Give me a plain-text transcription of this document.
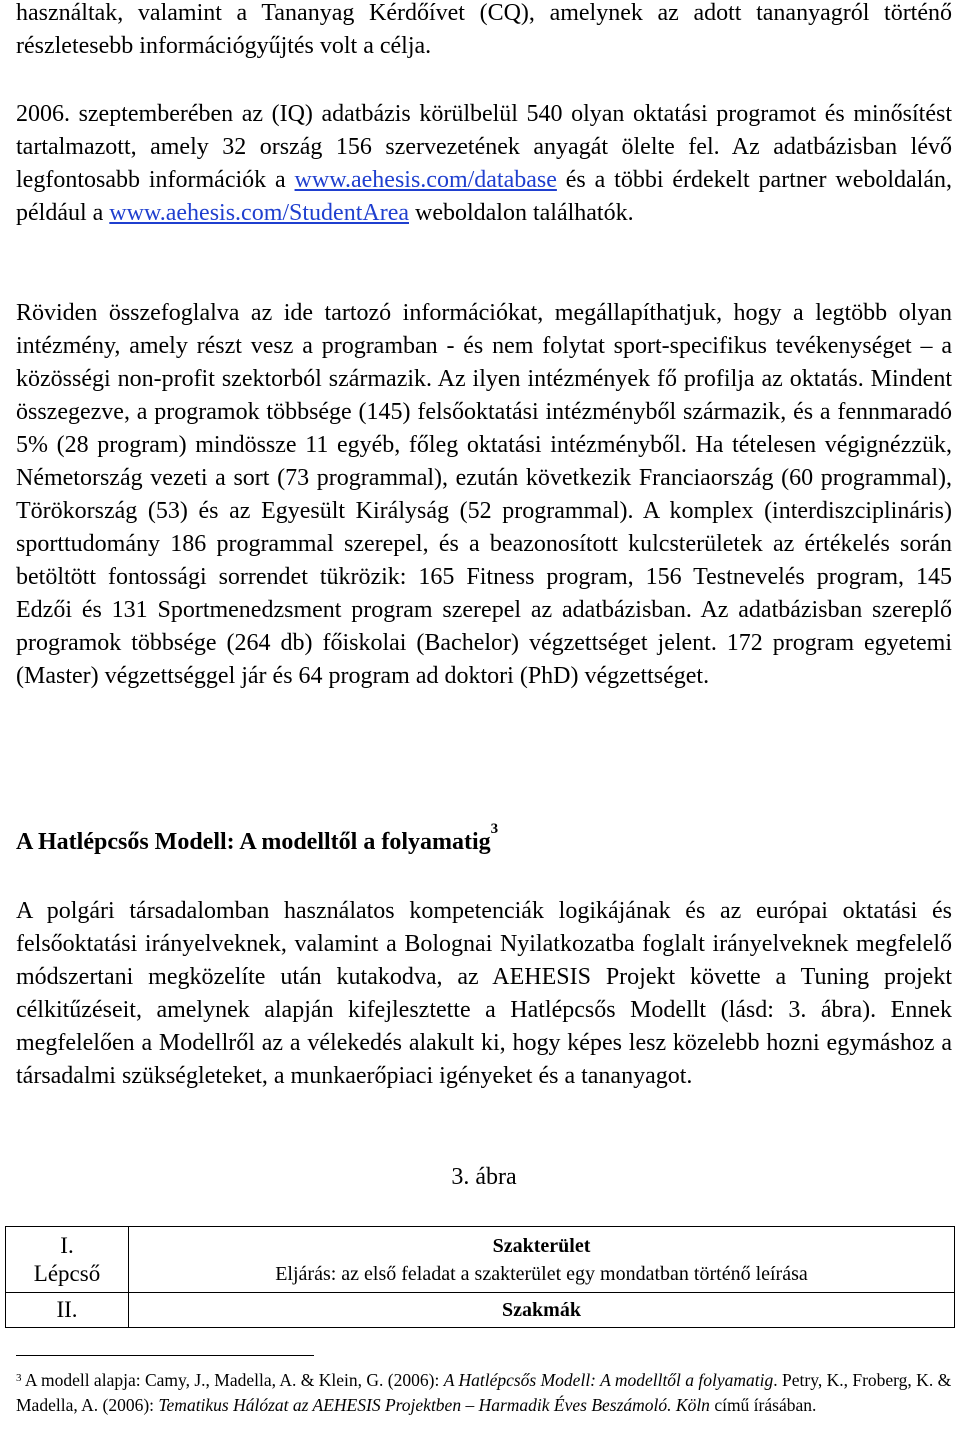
használtak, valamint a Tananyag Kérdőívet (CQ), amelynek az adott tananyagról történő részletesebb információgyűjtés volt a célja.

2006. szeptemberében az (IQ) adatbázis körülbelül 540 olyan oktatási programot és minősítést tartalmazott, amely 32 ország 156 szervezetének anyagát ölelte fel. Az adatbázisban lévő legfontosabb információk a www.aehesis.com/database és a többi érdekelt partner weboldalán, például a www.aehesis.com/StudentArea weboldalon találhatók.

Röviden összefoglalva az ide tartozó információkat, megállapíthatjuk, hogy a legtöbb olyan intézmény, amely részt vesz a programban - és nem folytat sport-specifikus tevékenységet – a közösségi non-profit szektorból származik. Az ilyen intézmények fő profilja az oktatás. Mindent összegezve, a programok többsége (145) felsőoktatási intézményből származik, és a fennmaradó 5% (28 program) mindössze 11 egyéb, főleg oktatási intézményből. Ha tételesen végignézzük, Németország vezeti a sort (73 programmal), ezután következik Franciaország (60 programmal), Törökország (53) és az Egyesült Királyság (52 programmal). A komplex (interdiszciplináris) sporttudomány 186 programmal szerepel, és a beazonosított kulcsterületek az értékelés során betöltött fontossági sorrendet tükrözik: 165 Fitness program, 156 Testnevelés program, 145 Edzői és 131 Sportmenedzsment program szerepel az adatbázisban. Az adatbázisban szereplő programok többsége (264 db) főiskolai (Bachelor) végzettséget jelent. 172 program egyetemi (Master) végzettséggel jár és 64 program ad doktori (PhD) végzettséget.

A Hatlépcsős Modell: A modelltől a folyamatig$^3$

A polgári társadalomban használatos kompetenciák logikájának és az európai oktatási és felsőoktatási irányelveknek, valamint a Bolognai Nyilatkozatba foglalt irányelveknek megfelelő módszertani megközelíte után kutakodva, az AEHESIS Projekt követte a Tuning projekt célkitűzéseit, amelynek alapján kifejlesztette a Hatlépcsős Modellt (lásd: 3. ábra). Ennek megfelelően a Modellről az a vélekedés alakult ki, hogy képes lesz közelebb hozni egymáshoz a társadalmi szükségleteket, a munkaerőpiaci igényeket és a tananyagot.

3. ábra

$^3$ A modell alapja: Camy, J., Madella, A. & Klein, G. (2006): A Hatlépcsős Modell: A modelltől a folyamatig. Petry, K., Froberg, K. & Madella, A. (2006): Tematikus Hálózat az AEHESIS Projektben – Harmadik Éves Beszámoló. Köln című írásában.

I.
Lépcső	Szakterület
Eljárás: az első feladat a szakterület egy mondatban történő leírása

II.	Szakmák
